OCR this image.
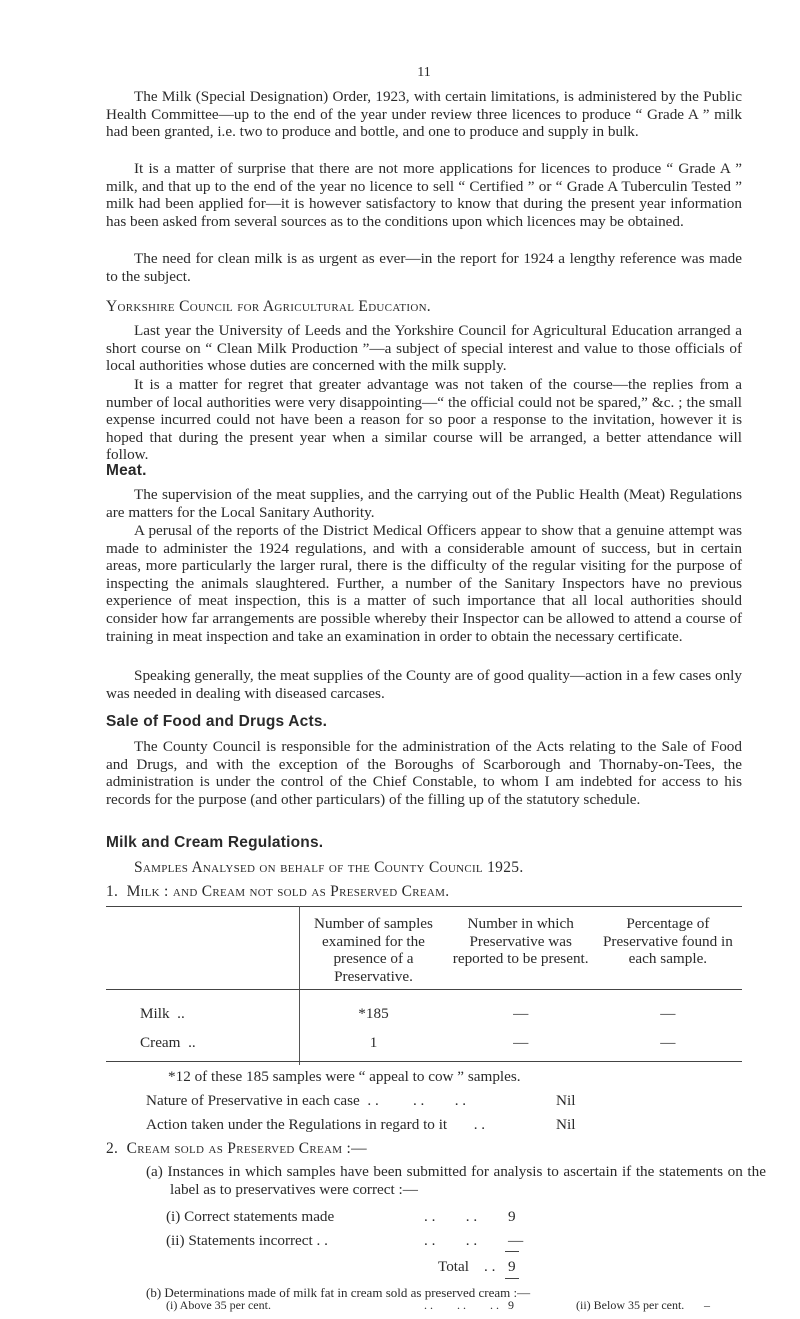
11

The Milk (Special Designation) Order, 1923, with certain limitations, is administered by the Public Health Committee—up to the end of the year under review three licences to produce “ Grade A ” milk had been granted, i.e. two to produce and bottle, and one to produce and supply in bulk.

It is a matter of surprise that there are not more applications for licences to produce “ Grade A ” milk, and that up to the end of the year no licence to sell “ Certified ” or “ Grade A Tuberculin Tested ” milk had been applied for—it is however satisfactory to know that during the present year information has been asked from several sources as to the conditions upon which licences may be obtained.

The need for clean milk is as urgent as ever—in the report for 1924 a lengthy reference was made to the subject.

Yorkshire Council for Agricultural Education.

Last year the University of Leeds and the Yorkshire Council for Agricultural Education arranged a short course on “ Clean Milk Production ”—a subject of special interest and value to those officials of local authorities whose duties are concerned with the milk supply.

It is a matter for regret that greater advantage was not taken of the course—the replies from a number of local authorities were very disappointing—“ the official could not be spared,” &c. ; the small expense incurred could not have been a reason for so poor a response to the invitation, however it is hoped that during the present year when a similar course will be arranged, a better attendance will follow.

Meat.

The supervision of the meat supplies, and the carrying out of the Public Health (Meat) Regulations are matters for the Local Sanitary Authority.

A perusal of the reports of the District Medical Officers appear to show that a genuine attempt was made to administer the 1924 regulations, and with a considerable amount of success, but in certain areas, more particularly the larger rural, there is the difficulty of the regular visiting for the purpose of inspecting the animals slaughtered. Further, a number of the Sanitary Inspectors have no previous experience of meat inspection, this is a matter of such importance that all local authorities should consider how far arrangements are possible whereby their Inspector can be allowed to attend a course of training in meat inspection and take an examination in order to obtain the necessary certificate.

Speaking generally, the meat supplies of the County are of good quality—action in a few cases only was needed in dealing with diseased carcases.

Sale of Food and Drugs Acts.

The County Council is responsible for the administration of the Acts relating to the Sale of Food and Drugs, and with the exception of the Boroughs of Scarborough and Thornaby-on-Tees, the administration is under the control of the Chief Constable, to whom I am indebted for access to his records for the purpose (and other particulars) of the filling up of the statutory schedule.

Milk and Cream Regulations.
Samples Analysed on behalf of the County Council 1925.
1.  Milk : and Cream not sold as Preserved Cream.
	Number of samples examined for the presence of a Preservative.	Number in which Preservative was reported to be present.	Percentage of Preservative found in each sample.
Milk ..	*185	—	—
Cream ..	1	—	—
*12 of these 185 samples were “ appeal to cow ” samples.
Nature of Preservative in each case  . .         . .        . .	Nil
Action taken under the Regulations in regard to it       . .	Nil
2.  Cream sold as Preserved Cream :—
(a) Instances in which samples have been submitted for analysis to ascertain if the statements on the label as to preservatives were correct :—
(i) Correct statements made	. .        . . 9
(ii) Statements incorrect . .	. .        . . —
Total . . 9
(b) Determinations made of milk fat in cream sold as preserved cream :—
(i) Above 35 per cent.	. .        . .        . . 9	(ii) Below 35 per cent. –
